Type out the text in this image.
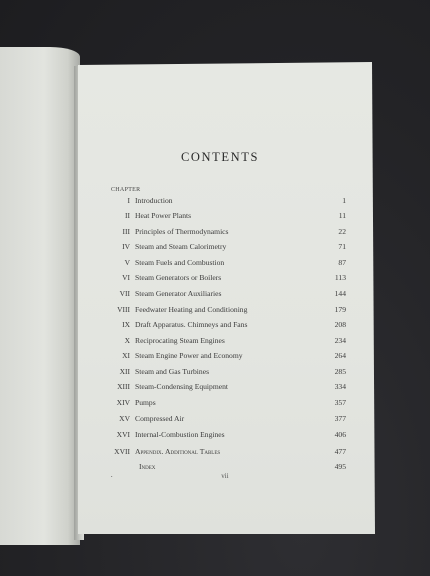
CONTENTS
CHAPTER
I Introduction	1
II Heat Power Plants	11
III Principles of Thermodynamics	22
IV Steam and Steam Calorimetry	71
V Steam Fuels and Combustion	87
VI Steam Generators or Boilers	113
VII Steam Generator Auxiliaries	144
VIII Feedwater Heating and Conditioning	179
IX Draft Apparatus. Chimneys and Fans	208
X Reciprocating Steam Engines	234
XI Steam Engine Power and Economy	264
XII Steam and Gas Turbines	285
XIII Steam-Condensing Equipment	334
XIV Pumps	357
XV Compressed Air	377
XVI Internal-Combustion Engines	406
XVII Appendix. Additional Tables	477
Index	495
•	vii
